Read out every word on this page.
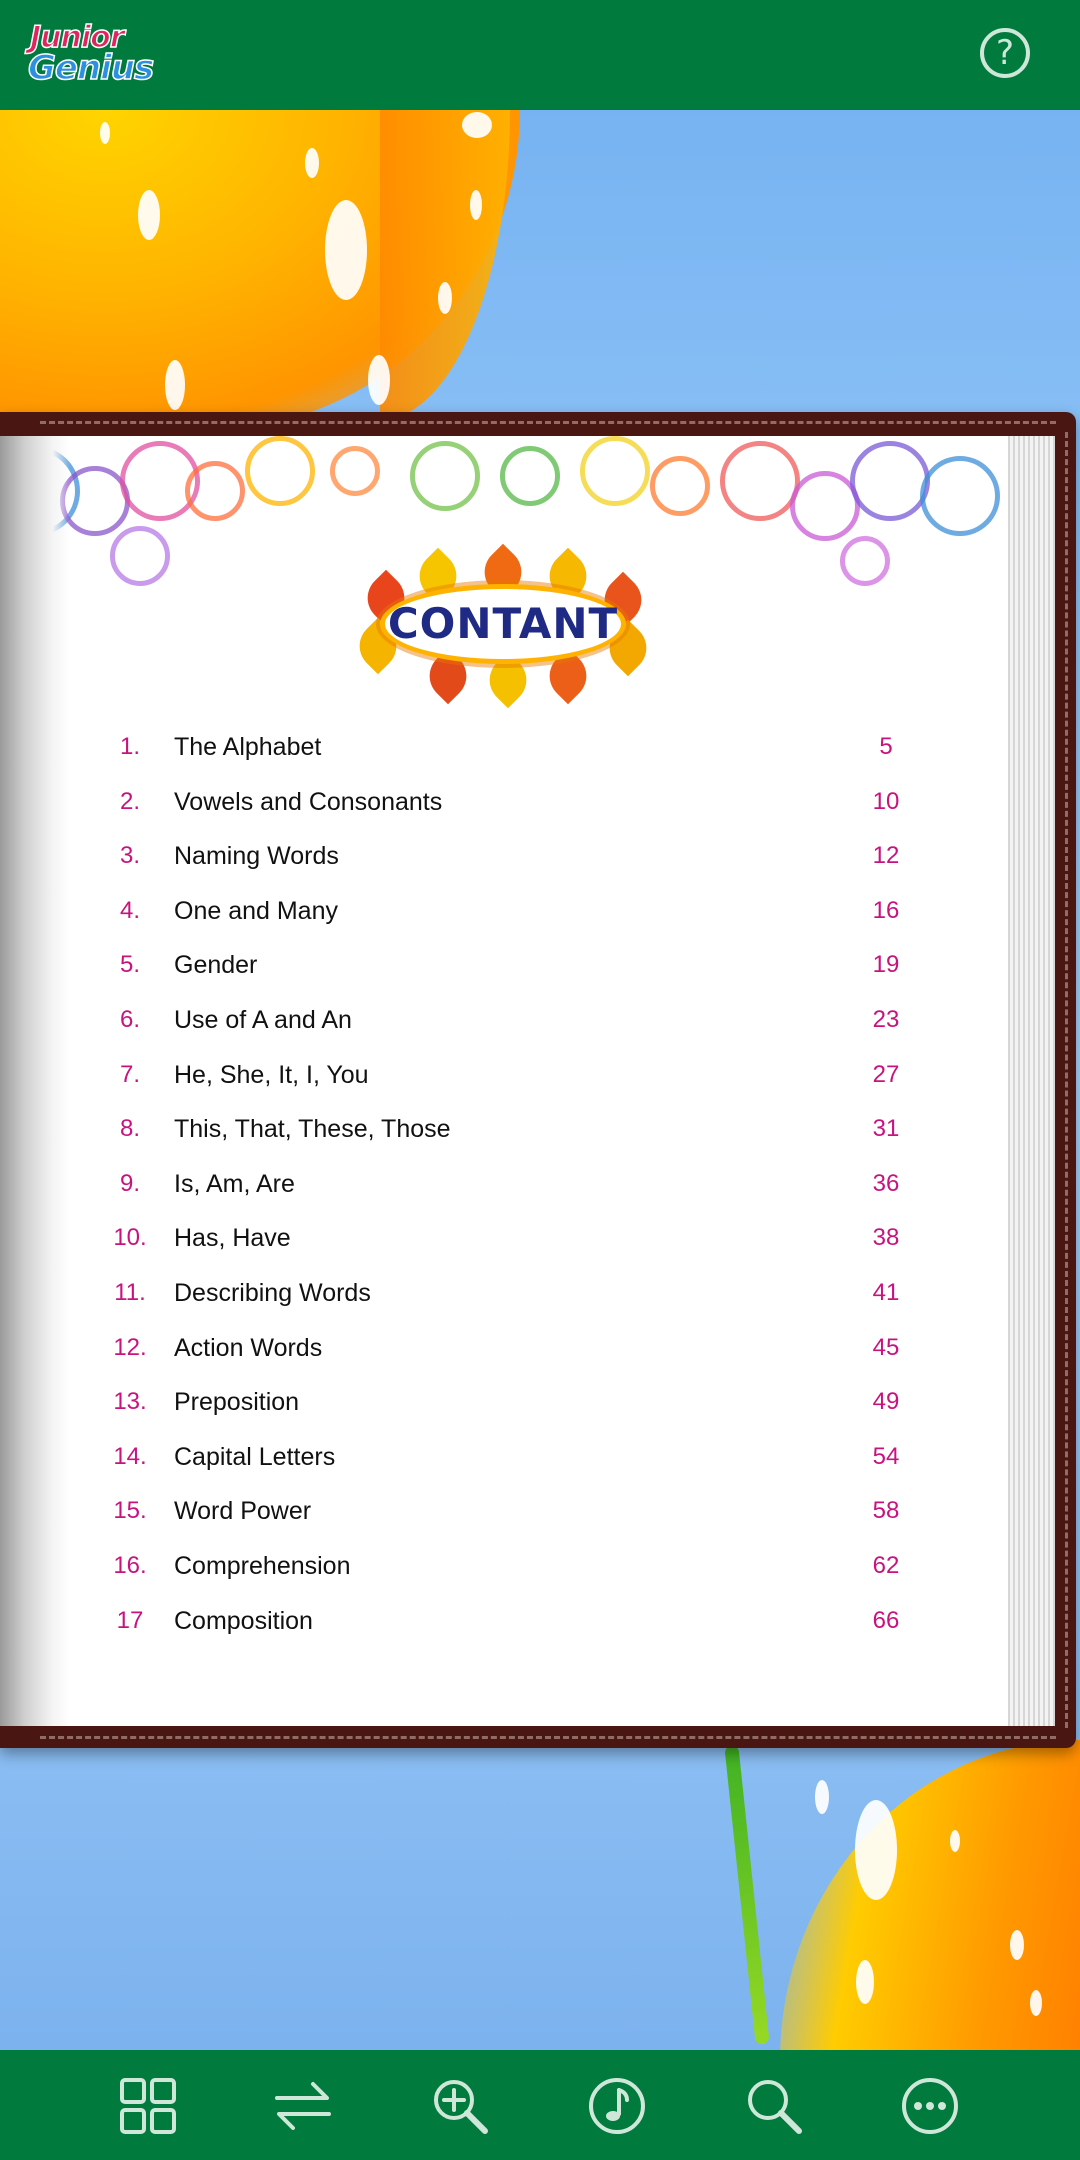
Junior
Genius	?
CONTANT
1.	The Alphabet	5
2.	Vowels and Consonants	10
3.	Naming Words	12
4.	One and Many	16
5.	Gender	19
6.	Use of A and An	23
7.	He, She, It, I, You	27
8.	This, That, These, Those	31
9.	Is, Am, Are	36
10. Has, Have	38
11. Describing Words	41
12. Action Words	45
13. Preposition	49
14. Capital Letters	54
15. Word Power	58
16. Comprehension	62
17	Composition	66
